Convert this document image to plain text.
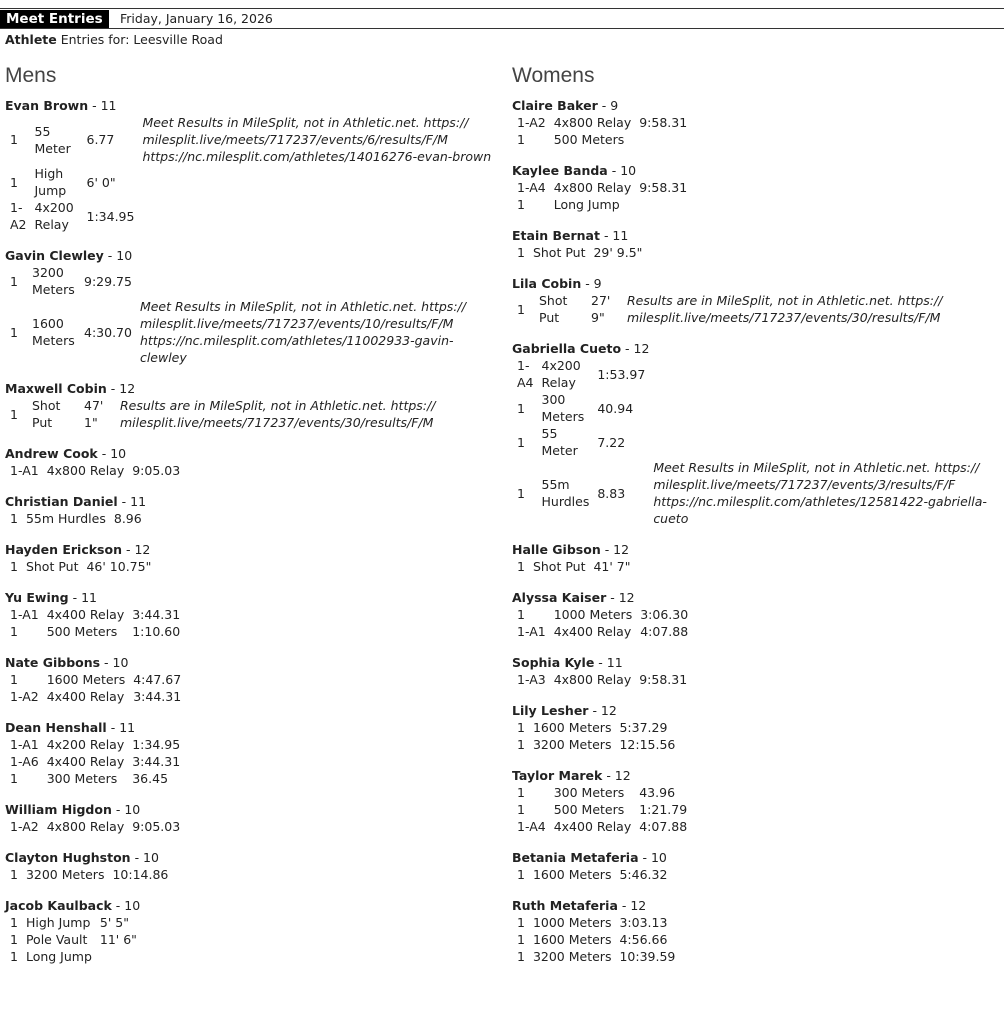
Meet Entries	Friday, January 16, 2026
Athlete Entries for: Leesville Road
Mens	Womens
Evan Brown - 11
1	55 Meter	6.77	Meet Results in MileSplit, not in Athletic.net. https:// milesplit.live/meets/717237/events/6/results/F/M https://nc.milesplit.com/athletes/14016276-evan-brown
1	High Jump	6' 0"	
1-A2	4x200 Relay	1:34.95	
Gavin Clewley - 10
1	3200 Meters	9:29.75	
1	1600 Meters	4:30.70	Meet Results in MileSplit, not in Athletic.net. https:// milesplit.live/meets/717237/events/10/results/F/M https://nc.milesplit.com/athletes/11002933-gavin-clewley
Maxwell Cobin - 12
1	Shot Put	47' 1"	Results are in MileSplit, not in Athletic.net. https:// milesplit.live/meets/717237/events/30/results/F/M
Andrew Cook - 10
1-A1	4x800 Relay	9:05.03
Christian Daniel - 11
1	55m Hurdles	8.96
Hayden Erickson - 12
1	Shot Put	46' 10.75"
Yu Ewing - 11
1-A1	4x400 Relay	3:44.31
1	500 Meters	1:10.60
Nate Gibbons - 10
1	1600 Meters	4:47.67
1-A2	4x400 Relay	3:44.31
Dean Henshall - 11
1-A1	4x200 Relay	1:34.95
1-A6	4x400 Relay	3:44.31
1	300 Meters	36.45
William Higdon - 10
1-A2	4x800 Relay	9:05.03
Clayton Hughston - 10
1	3200 Meters	10:14.86
Jacob Kaulback - 10
1	High Jump	5' 5"
1	Pole Vault	11' 6"
1	Long Jump	
Claire Baker - 9
1-A2	4x800 Relay	9:58.31
1	500 Meters	
Kaylee Banda - 10
1-A4	4x800 Relay	9:58.31
1	Long Jump	
Etain Bernat - 11
1	Shot Put	29' 9.5"
Lila Cobin - 9
1	Shot Put	27' 9"	Results are in MileSplit, not in Athletic.net. https:// milesplit.live/meets/717237/events/30/results/F/M
Gabriella Cueto - 12
1-A4	4x200 Relay	1:53.97	
1	300 Meters	40.94	
1	55 Meter	7.22	
1	55m Hurdles	8.83	Meet Results in MileSplit, not in Athletic.net. https:// milesplit.live/meets/717237/events/3/results/F/F https://nc.milesplit.com/athletes/12581422-gabriella-cueto
Halle Gibson - 12
1	Shot Put	41' 7"
Alyssa Kaiser - 12
1	1000 Meters	3:06.30
1-A1	4x400 Relay	4:07.88
Sophia Kyle - 11
1-A3	4x800 Relay	9:58.31
Lily Lesher - 12
1	1600 Meters	5:37.29
1	3200 Meters	12:15.56
Taylor Marek - 12
1	300 Meters	43.96
1	500 Meters	1:21.79
1-A4	4x400 Relay	4:07.88
Betania Metaferia - 10
1	1600 Meters	5:46.32
Ruth Metaferia - 12
1	1000 Meters	3:03.13
1	1600 Meters	4:56.66
1	3200 Meters	10:39.59
